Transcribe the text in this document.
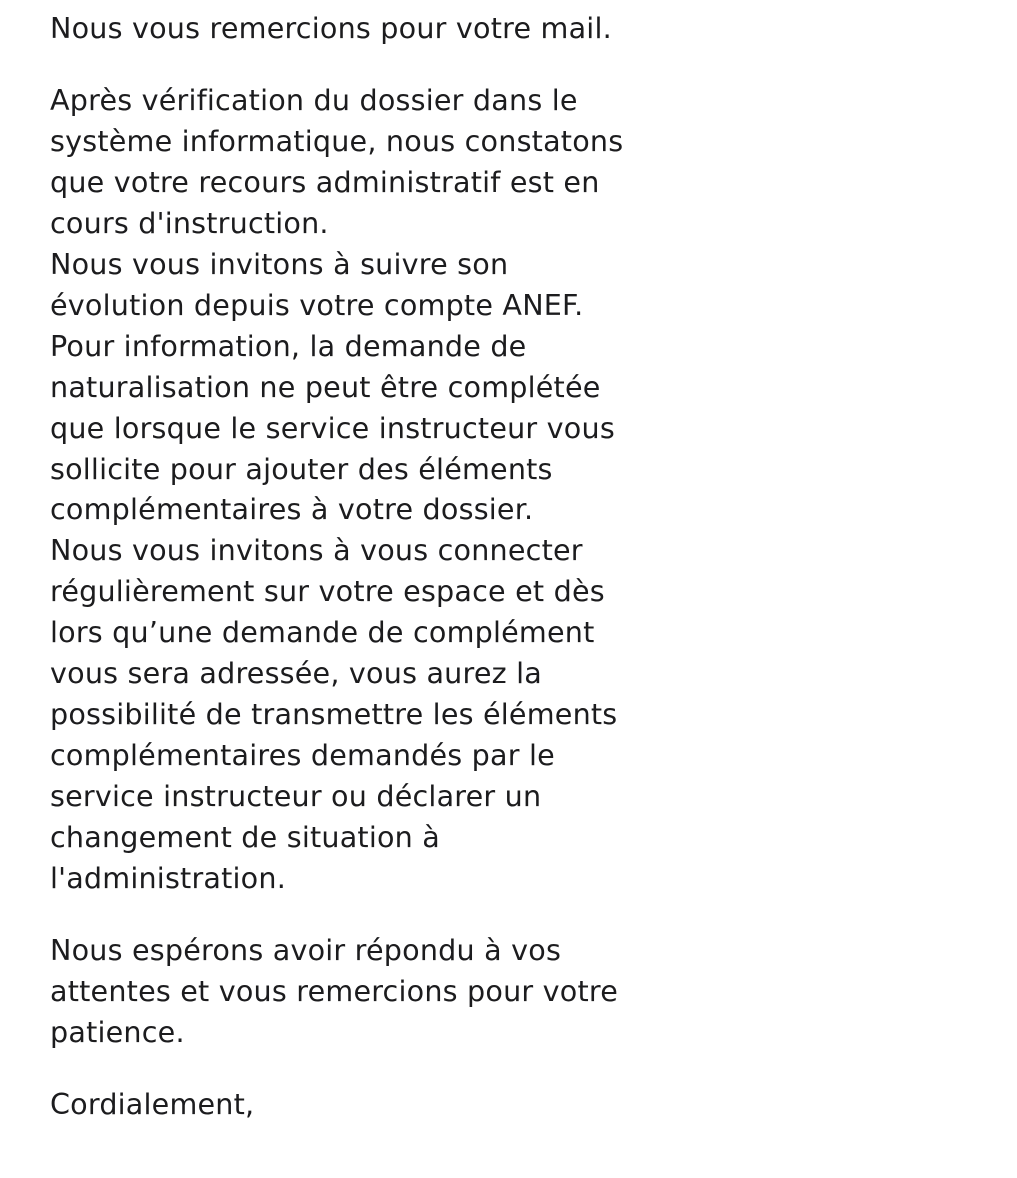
Nous vous remercions pour votre mail.

Après vérification du dossier dans le
système informatique, nous constatons
que votre recours administratif est en
cours d'instruction.
Nous vous invitons à suivre son
évolution depuis votre compte ANEF.
Pour information, la demande de
naturalisation ne peut être complétée
que lorsque le service instructeur vous
sollicite pour ajouter des éléments
complémentaires à votre dossier.
Nous vous invitons à vous connecter
régulièrement sur votre espace et dès
lors qu’une demande de complément
vous sera adressée, vous aurez la
possibilité de transmettre les éléments
complémentaires demandés par le
service instructeur ou déclarer un
changement de situation à
l'administration.

Nous espérons avoir répondu à vos
attentes et vous remercions pour votre
patience.

Cordialement,
